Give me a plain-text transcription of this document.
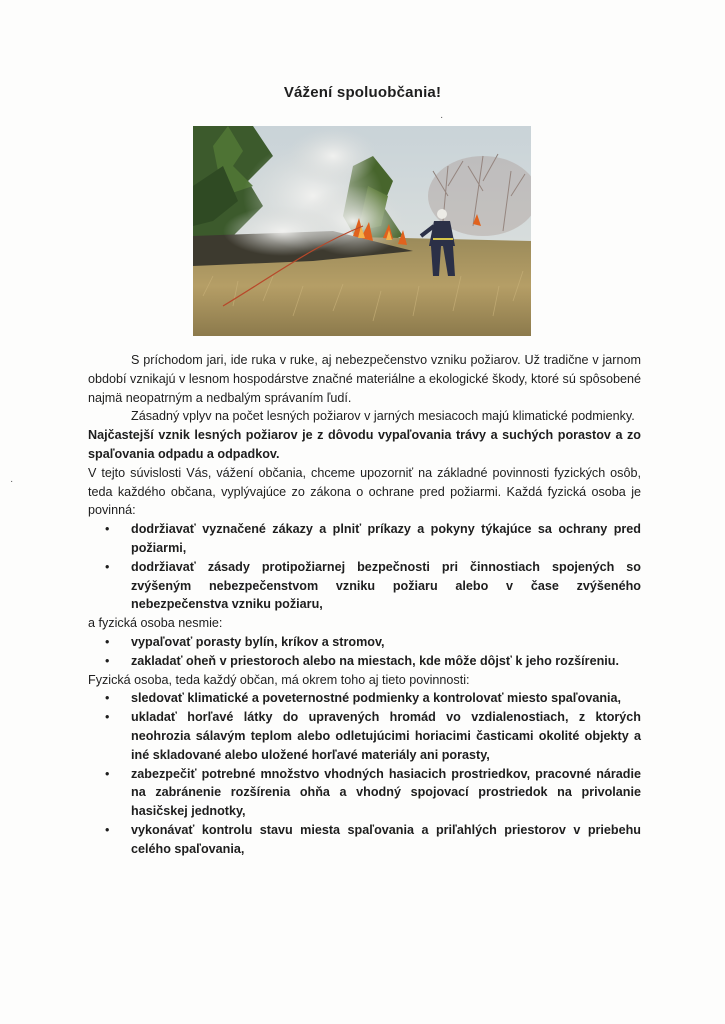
Vážení spoluobčania!

S príchodom jari, ide ruka v ruke, aj nebezpečenstvo vzniku požiarov. Už tradične v jarnom období vznikajú v lesnom hospodárstve značné materiálne a ekologické škody, ktoré sú spôsobené najmä neopatrným a nedbalým správaním ľudí.

Zásadný vplyv na počet lesných požiarov v jarných mesiacoch majú klimatické podmienky.

Najčastejší vznik lesných požiarov je z dôvodu vypaľovania trávy a suchých porastov a zo spaľovania odpadu a odpadkov.

V tejto súvislosti Vás, vážení občania, chceme upozorniť na základné povinnosti fyzických osôb, teda každého občana, vyplývajúce zo zákona o ochrane pred požiarmi. Každá fyzická osoba je povinná:

• dodržiavať vyznačené zákazy a plniť príkazy a pokyny týkajúce sa ochrany pred požiarmi,
• dodržiavať zásady protipožiarnej bezpečnosti pri činnostiach spojených so zvýšeným nebezpečenstvom vzniku požiaru alebo v čase zvýšeného nebezpečenstva vzniku požiaru,

a fyzická osoba nesmie:

• vypaľovať porasty bylín, kríkov a stromov,
• zakladať oheň v priestoroch alebo na miestach, kde môže dôjsť k jeho rozšíreniu.

Fyzická osoba, teda každý občan, má okrem toho aj tieto povinnosti:

• sledovať klimatické a poveternostné podmienky a kontrolovať miesto spaľovania,
• ukladať horľavé látky do upravených hromád vo vzdialenostiach, z ktorých neohrozia sálavým teplom alebo odletujúcimi horiacimi časticami okolité objekty a iné skladované alebo uložené horľavé materiály ani porasty,
• zabezpečiť potrebné množstvo vhodných hasiacich prostriedkov, pracovné náradie na zabránenie rozšírenia ohňa a vhodný spojovací prostriedok na privolanie hasičskej jednotky,
• vykonávať kontrolu stavu miesta spaľovania a priľahlých priestorov v priebehu celého spaľovania,
·
·
